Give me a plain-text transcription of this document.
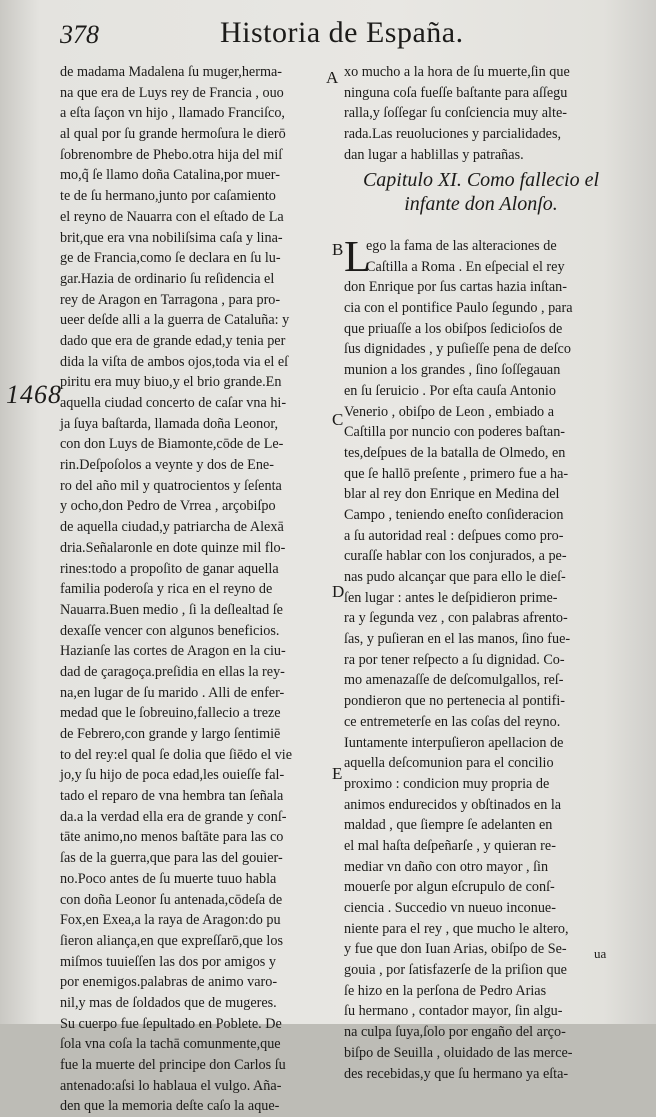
378	Historia de España.
de madama Madalena ſu muger,herma-
na que era de Luys rey de Francia , ouo
a eſta ſaçon vn hijo , llamado Franciſco,
al qual por ſu grande hermoſura le dierō
ſobrenombre de Phebo.otra hija del miſ
mo,q̃ ſe llamo doña Catalina,por muer-
te de ſu hermano,junto por caſamiento
el reyno de Nauarra con el eſtado de La
brit,que era vna nobiliſsima caſa y lina-
ge de Francia,como ſe declara en ſu lu-
gar.Hazia de ordinario ſu reſidencia el
rey de Aragon en Tarragona , para pro-
ueer deſde alli a la guerra de Cataluña: y
dado que era de grande edad,y tenia per
dida la viſta de ambos ojos,toda via el eſ
piritu era muy biuo,y el brio grande.En
aquella ciudad concerto de caſar vna hi-
ja ſuya baſtarda, llamada doña Leonor,
con don Luys de Biamonte,cōde de Le-
rin.Deſpoſolos a veynte y dos de Ene-
ro del año mil y quatrocientos y ſeſenta
y ocho,don Pedro de Vrrea , arçobiſpo
de aquella ciudad,y patriarcha de Alexā
dria.Señalaronle en dote quinze mil flo-
rines:todo a propoſito de ganar aquella
familia poderoſa y rica en el reyno de
Nauarra.Buen medio , ſi la deſlealtad ſe
dexaſſe vencer con algunos beneficios.
Hazianſe las cortes de Aragon en la ciu-
dad de çaragoça.preſidia en ellas la rey-
na,en lugar de ſu marido . Alli de enfer-
medad que le ſobreuino,fallecio a treze
de Febrero,con grande y largo ſentimiē
to del rey:el qual ſe dolia que ſiēdo el vie
jo,y ſu hijo de poca edad,les ouieſſe fal-
tado el reparo de vna hembra tan ſeñala
da.a la verdad ella era de grande y conſ-
tāte animo,no menos baſtāte para las co
ſas de la guerra,que para las del gouier-
no.Poco antes de ſu muerte tuuo habla
con doña Leonor ſu antenada,cōdeſa de
Fox,en Exea,a la raya de Aragon:do pu
ſieron aliança,en que expreſſarō,que los
miſmos tuuieſſen las dos por amigos y
por enemigos.palabras de animo varo-
nil,y mas de ſoldados que de mugeres.
Su cuerpo fue ſepultado en Poblete. De
ſola vna coſa la tachā comunmente,que
fue la muerte del principe don Carlos ſu
antenado:aſsi lo hablaua el vulgo. Aña-
den que la memoria deſte caſo la aque-
xo mucho a la hora de ſu muerte,ſin que
ninguna coſa fueſſe baſtante para aſſegu
ralla,y ſoſſegar ſu conſciencia muy alte-
rada.Las reuoluciones y parcialidades,
dan lugar a hablillas y patrañas.
Capitulo XI. Como fallecio el
infante don Alonſo.
L
ego la fama de las alteraciones de
Caſtilla a Roma . En eſpecial el rey
don Enrique por ſus cartas hazia inſtan-
cia con el pontifice Paulo ſegundo , para
que priuaſſe a los obiſpos ſedicioſos de
ſus dignidades , y puſieſſe pena de deſco
munion a los grandes , ſino ſoſſegauan
en ſu ſeruicio . Por eſta cauſa Antonio
Venerio , obiſpo de Leon , embiado a
Caſtilla por nuncio con poderes baſtan-
tes,deſpues de la batalla de Olmedo, en
que ſe hallō preſente , primero fue a ha-
blar al rey don Enrique en Medina del
Campo , teniendo eneſto conſideracion
a ſu autoridad real : deſpues como pro-
curaſſe hablar con los conjurados, a pe-
nas pudo alcançar que para ello le dieſ-
ſen lugar : antes le deſpidieron prime-
ra y ſegunda vez , con palabras afrento-
ſas, y puſieran en el las manos, ſino fue-
ra por tener reſpecto a ſu dignidad. Co-
mo amenazaſſe de deſcomulgallos, reſ-
pondieron que no pertenecia al pontifi-
ce entremeterſe en las coſas del reyno.
Iuntamente interpuſieron apellacion de
aquella deſcomunion para el concilio
proximo : condicion muy propria de
animos endurecidos y obſtinados en la
maldad , que ſiempre ſe adelanten en
el mal haſta deſpeñarſe , y quieran re-
mediar vn daño con otro mayor , ſin
mouerſe por algun eſcrupulo de conſ-
ciencia . Succedio vn nueuo inconue-
niente para el rey , que mucho le altero,
y fue que don Iuan Arias, obiſpo de Se-
gouia , por ſatisfazerſe de la priſion que
ſe hizo en la perſona de Pedro Arias
ſu hermano , contador mayor, ſin algu-
na culpa ſuya,ſolo por engaño del arço-
biſpo de Seuilla , oluidado de las merce-
des recebidas,y que ſu hermano ya eſta-
A
B
C
D
E
1468
ua
